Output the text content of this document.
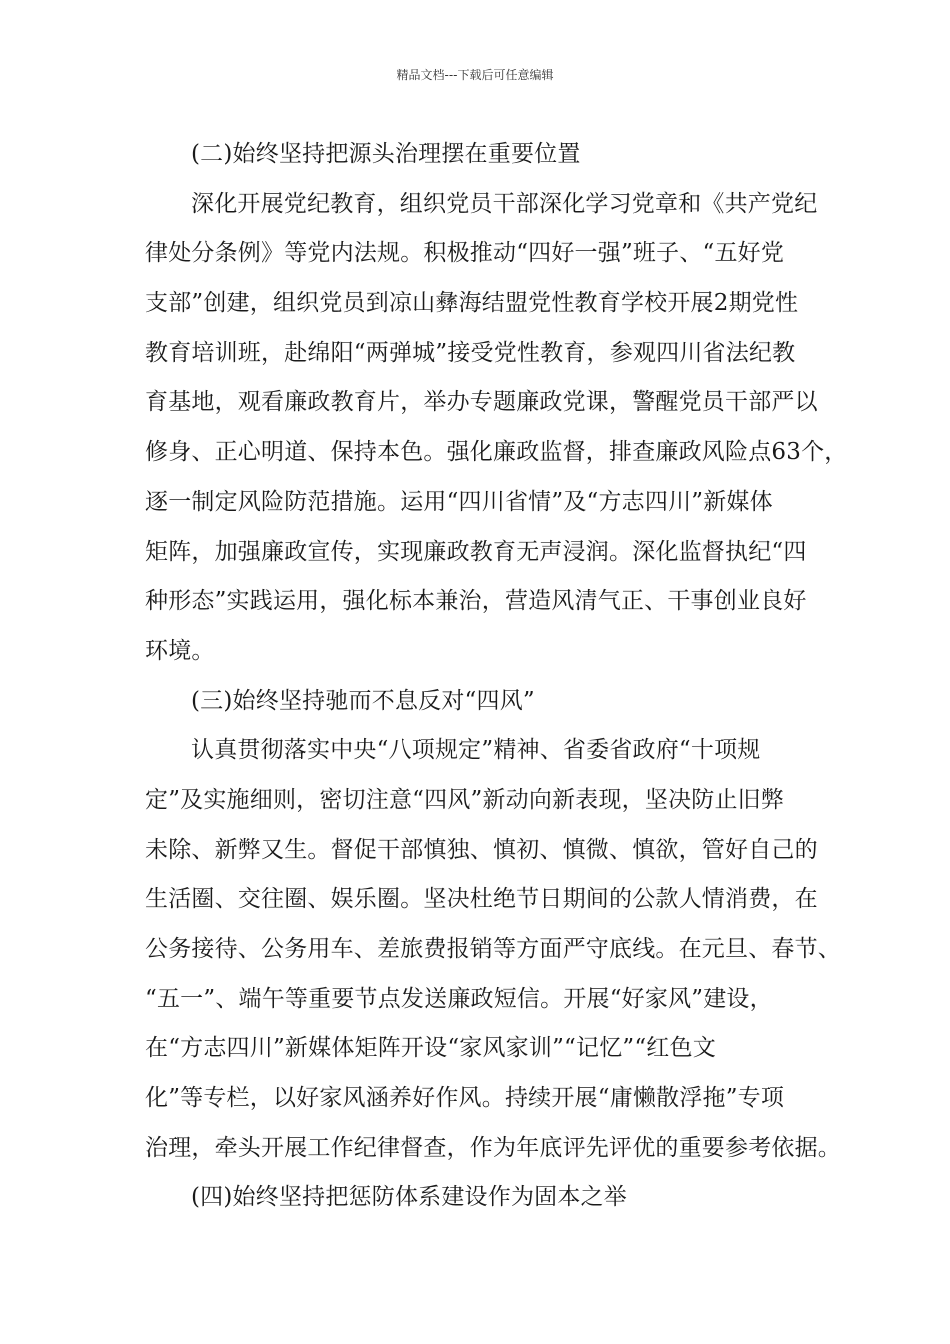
精品文档---下载后可任意编辑
(二)始终坚持把源头治理摆在重要位置
深化开展党纪教育，组织党员干部深化学习党章和《共产党纪
律处分条例》等党内法规。积极推动“四好一强”班子、“五好党
支部”创建，组织党员到凉山彝海结盟党性教育学校开展2期党性
教育培训班，赴绵阳“两弹城”接受党性教育，参观四川省法纪教
育基地，观看廉政教育片，举办专题廉政党课，警醒党员干部严以
修身、正心明道、保持本色。强化廉政监督，排查廉政风险点63个，
逐一制定风险防范措施。运用“四川省情”及“方志四川”新媒体
矩阵，加强廉政宣传，实现廉政教育无声浸润。深化监督执纪“四
种形态”实践运用，强化标本兼治，营造风清气正、干事创业良好
环境。
(三)始终坚持驰而不息反对“四风”
认真贯彻落实中央“八项规定”精神、省委省政府“十项规
定”及实施细则，密切注意“四风”新动向新表现，坚决防止旧弊
未除、新弊又生。督促干部慎独、慎初、慎微、慎欲，管好自己的
生活圈、交往圈、娱乐圈。坚决杜绝节日期间的公款人情消费，在
公务接待、公务用车、差旅费报销等方面严守底线。在元旦、春节、
“五一”、端午等重要节点发送廉政短信。开展“好家风”建设，
在“方志四川”新媒体矩阵开设“家风家训”“记忆”“红色文
化”等专栏，以好家风涵养好作风。持续开展“庸懒散浮拖”专项
治理，牵头开展工作纪律督查，作为年底评先评优的重要参考依据。
(四)始终坚持把惩防体系建设作为固本之举
